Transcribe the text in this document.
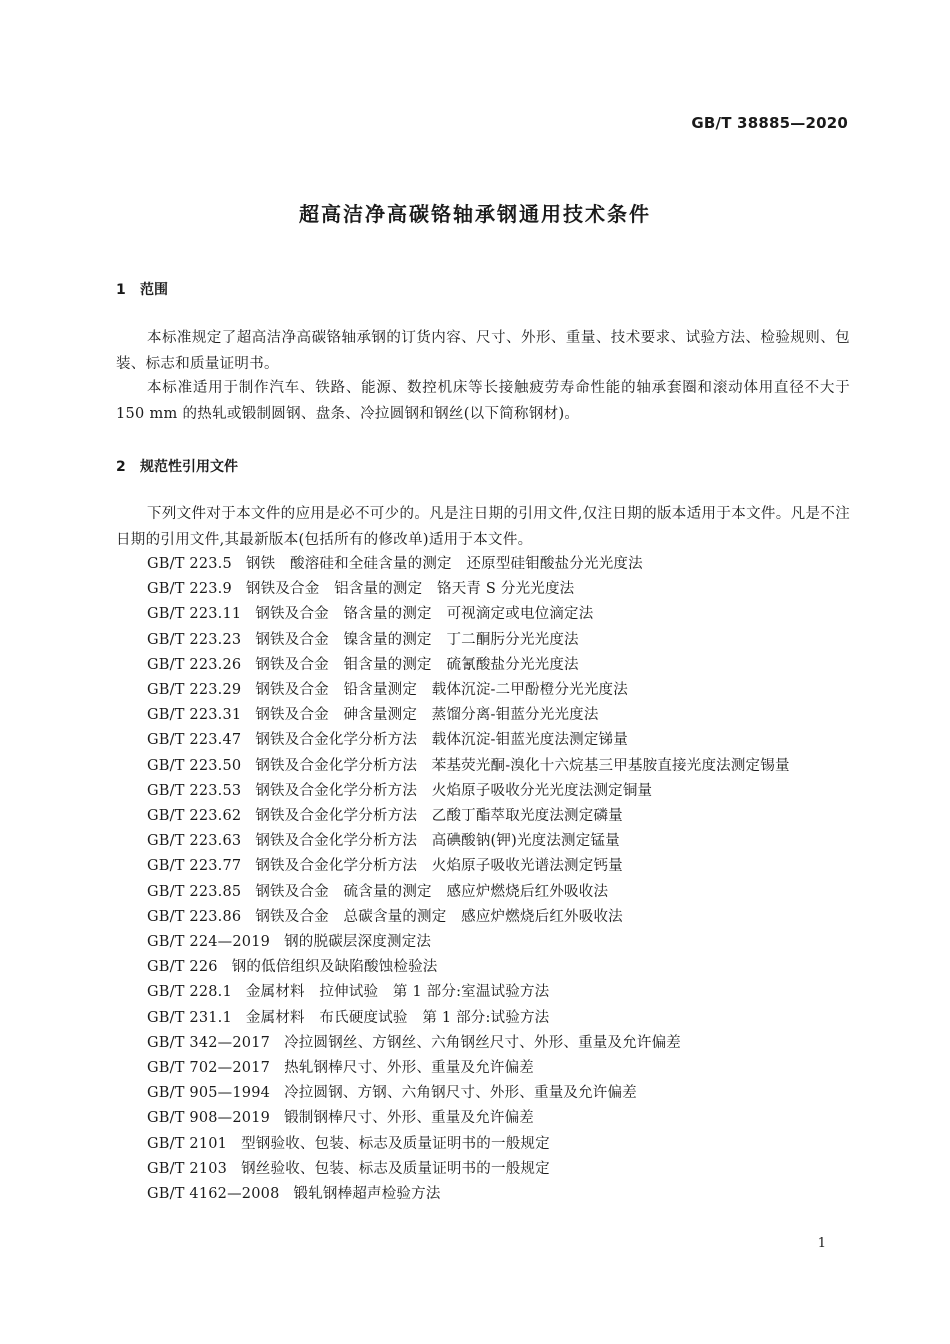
GB/T 38885—2020
超高洁净高碳铬轴承钢通用技术条件
1 范围
本标准规定了超高洁净高碳铬轴承钢的订货内容、尺寸、外形、重量、技术要求、试验方法、检验规则、包装、标志和质量证明书。
本标准适用于制作汽车、铁路、能源、数控机床等长接触疲劳寿命性能的轴承套圈和滚动体用直径不大于 150 mm 的热轧或锻制圆钢、盘条、冷拉圆钢和钢丝(以下简称钢材)。
2 规范性引用文件
下列文件对于本文件的应用是必不可少的。凡是注日期的引用文件,仅注日期的版本适用于本文件。凡是不注日期的引用文件,其最新版本(包括所有的修改单)适用于本文件。
GB/T 223.5 钢铁　酸溶硅和全硅含量的测定　还原型硅钼酸盐分光光度法
GB/T 223.9 钢铁及合金　铝含量的测定　铬天青 S 分光光度法
GB/T 223.11 钢铁及合金　铬含量的测定　可视滴定或电位滴定法
GB/T 223.23 钢铁及合金　镍含量的测定　丁二酮肟分光光度法
GB/T 223.26 钢铁及合金　钼含量的测定　硫氰酸盐分光光度法
GB/T 223.29 钢铁及合金　铅含量测定　载体沉淀-二甲酚橙分光光度法
GB/T 223.31 钢铁及合金　砷含量测定　蒸馏分离-钼蓝分光光度法
GB/T 223.47 钢铁及合金化学分析方法　载体沉淀-钼蓝光度法测定锑量
GB/T 223.50 钢铁及合金化学分析方法　苯基荧光酮-溴化十六烷基三甲基胺直接光度法测定锡量
GB/T 223.53 钢铁及合金化学分析方法　火焰原子吸收分光光度法测定铜量
GB/T 223.62 钢铁及合金化学分析方法　乙酸丁酯萃取光度法测定磷量
GB/T 223.63 钢铁及合金化学分析方法　高碘酸钠(钾)光度法测定锰量
GB/T 223.77 钢铁及合金化学分析方法　火焰原子吸收光谱法测定钙量
GB/T 223.85 钢铁及合金　硫含量的测定　感应炉燃烧后红外吸收法
GB/T 223.86 钢铁及合金　总碳含量的测定　感应炉燃烧后红外吸收法
GB/T 224—2019 钢的脱碳层深度测定法
GB/T 226 钢的低倍组织及缺陷酸蚀检验法
GB/T 228.1 金属材料　拉伸试验　第 1 部分:室温试验方法
GB/T 231.1 金属材料　布氏硬度试验　第 1 部分:试验方法
GB/T 342—2017 冷拉圆钢丝、方钢丝、六角钢丝尺寸、外形、重量及允许偏差
GB/T 702—2017 热轧钢棒尺寸、外形、重量及允许偏差
GB/T 905—1994 冷拉圆钢、方钢、六角钢尺寸、外形、重量及允许偏差
GB/T 908—2019 锻制钢棒尺寸、外形、重量及允许偏差
GB/T 2101 型钢验收、包装、标志及质量证明书的一般规定
GB/T 2103 钢丝验收、包装、标志及质量证明书的一般规定
GB/T 4162—2008 锻轧钢棒超声检验方法
1
